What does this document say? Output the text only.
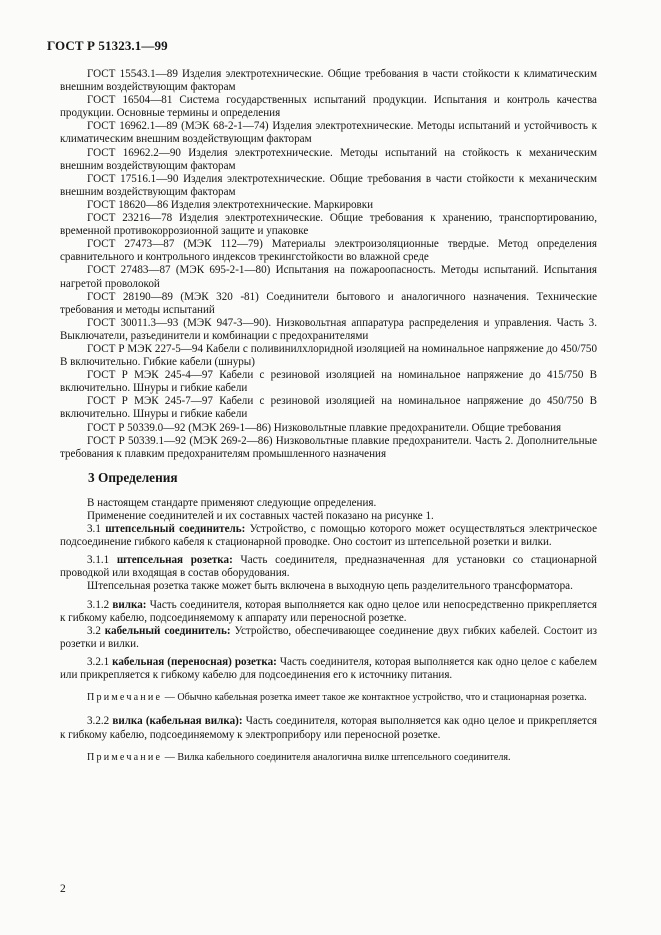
ГОСТ Р 51323.1—99

ГОСТ 15543.1—89 Изделия электротехнические. Общие требования в части стойкости к климатическим внешним воздействующим факторам

ГОСТ 16504—81 Система государственных испытаний продукции. Испытания и контроль качества продукции. Основные термины и определения

ГОСТ 16962.1—89 (МЭК 68-2-1—74) Изделия электротехнические. Методы испытаний и устойчивость к климатическим внешним воздействующим факторам

ГОСТ 16962.2—90 Изделия электротехнические. Методы испытаний на стойкость к механическим внешним воздействующим факторам

ГОСТ 17516.1—90 Изделия электротехнические. Общие требования в части стойкости к механическим внешним воздействующим факторам

ГОСТ 18620—86 Изделия электротехнические. Маркировки

ГОСТ 23216—78 Изделия электротехнические. Общие требования к хранению, транспортированию, временной противокоррозионной защите и упаковке

ГОСТ 27473—87 (МЭК 112—79) Материалы электроизоляционные твердые. Метод определения сравнительного и контрольного индексов трекингстойкости во влажной среде

ГОСТ 27483—87 (МЭК 695-2-1—80) Испытания на пожароопасность. Методы испытаний. Испытания нагретой проволокой

ГОСТ 28190—89 (МЭК 320 -81) Соединители бытового и аналогичного назначения. Технические требования и методы испытаний

ГОСТ 30011.3—93 (МЭК 947-3—90). Низковольтная аппаратура распределения и управления. Часть 3. Выключатели, разъединители и комбинации с предохранителями

ГОСТ Р МЭК 227-5—94 Кабели с поливинилхлоридной изоляцией на номинальное напряжение до 450/750 В включительно. Гибкие кабели (шнуры)

ГОСТ Р МЭК 245-4—97 Кабели с резиновой изоляцией на номинальное напряжение до 415/750 В включительно. Шнуры и гибкие кабели

ГОСТ Р МЭК 245-7—97 Кабели с резиновой изоляцией на номинальное напряжение до 450/750 В включительно. Шнуры и гибкие кабели

ГОСТ Р 50339.0—92 (МЭК 269-1—86) Низковольтные плавкие предохранители. Общие требования

ГОСТ Р 50339.1—92 (МЭК 269-2—86) Низковольтные плавкие предохранители. Часть 2. Дополнительные требования к плавким предохранителям промышленного назначения

3 Определения

В настоящем стандарте применяют следующие определения.

Применение соединителей и их составных частей показано на рисунке 1.

3.1 штепсельный соединитель: Устройство, с помощью которого может осуществляться электрическое подсоединение гибкого кабеля к стационарной проводке. Оно состоит из штепсельной розетки и вилки.

3.1.1 штепсельная розетка: Часть соединителя, предназначенная для установки со стационарной проводкой или входящая в состав оборудования.

Штепсельная розетка также может быть включена в выходную цепь разделительного трансформатора.

3.1.2 вилка: Часть соединителя, которая выполняется как одно целое или непосредственно прикрепляется к гибкому кабелю, подсоединяемому к аппарату или переносной розетке.

3.2 кабельный соединитель: Устройство, обеспечивающее соединение двух гибких кабелей. Состоит из розетки и вилки.

3.2.1 кабельная (переносная) розетка: Часть соединителя, которая выполняется как одно целое с кабелем или прикрепляется к гибкому кабелю для подсоединения его к источнику питания.

Примечание — Обычно кабельная розетка имеет такое же контактное устройство, что и стационарная розетка.

3.2.2 вилка (кабельная вилка): Часть соединителя, которая выполняется как одно целое и прикрепляется к гибкому кабелю, подсоединяемому к электроприбору или переносной розетке.

Примечание — Вилка кабельного соединителя аналогична вилке штепсельного соединителя.

2
